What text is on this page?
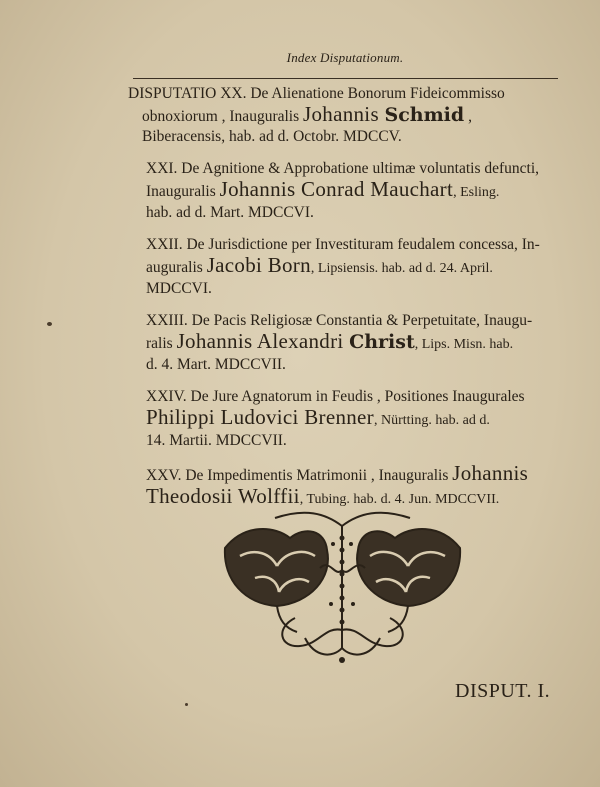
Index Disputationum.
DISPUTATIO XX. De Alienatione Bonorum Fideicommisso
obnoxiorum , Inauguralis Johannis Schmid ,
Biberacensis, hab. ad d. Octobr. MDCCV.
XXI. De Agnitione & Approbatione ultimæ voluntatis defuncti,
Inauguralis Johannis Conrad Mauchart, Esling.
hab. ad d. Mart. MDCCVI.
XXII. De Jurisdictione per Investituram feudalem concessa, In-
auguralis Jacobi Born, Lipsiensis. hab. ad d. 24. April.
MDCCVI.
XXIII. De Pacis Religiosæ Constantia & Perpetuitate, Inaugu-
ralis Johannis Alexandri Christ, Lips. Misn. hab.
d. 4. Mart. MDCCVII.
XXIV. De Jure Agnatorum in Feudis , Positiones Inaugurales
Philippi Ludovici Brenner, Nürtting. hab. ad d.
14. Martii. MDCCVII.
XXV. De Impedimentis Matrimonii , Inauguralis Johannis
Theodosii Wolffii, Tubing. hab. d. 4. Jun. MDCCVII.
DISPUT. I.
